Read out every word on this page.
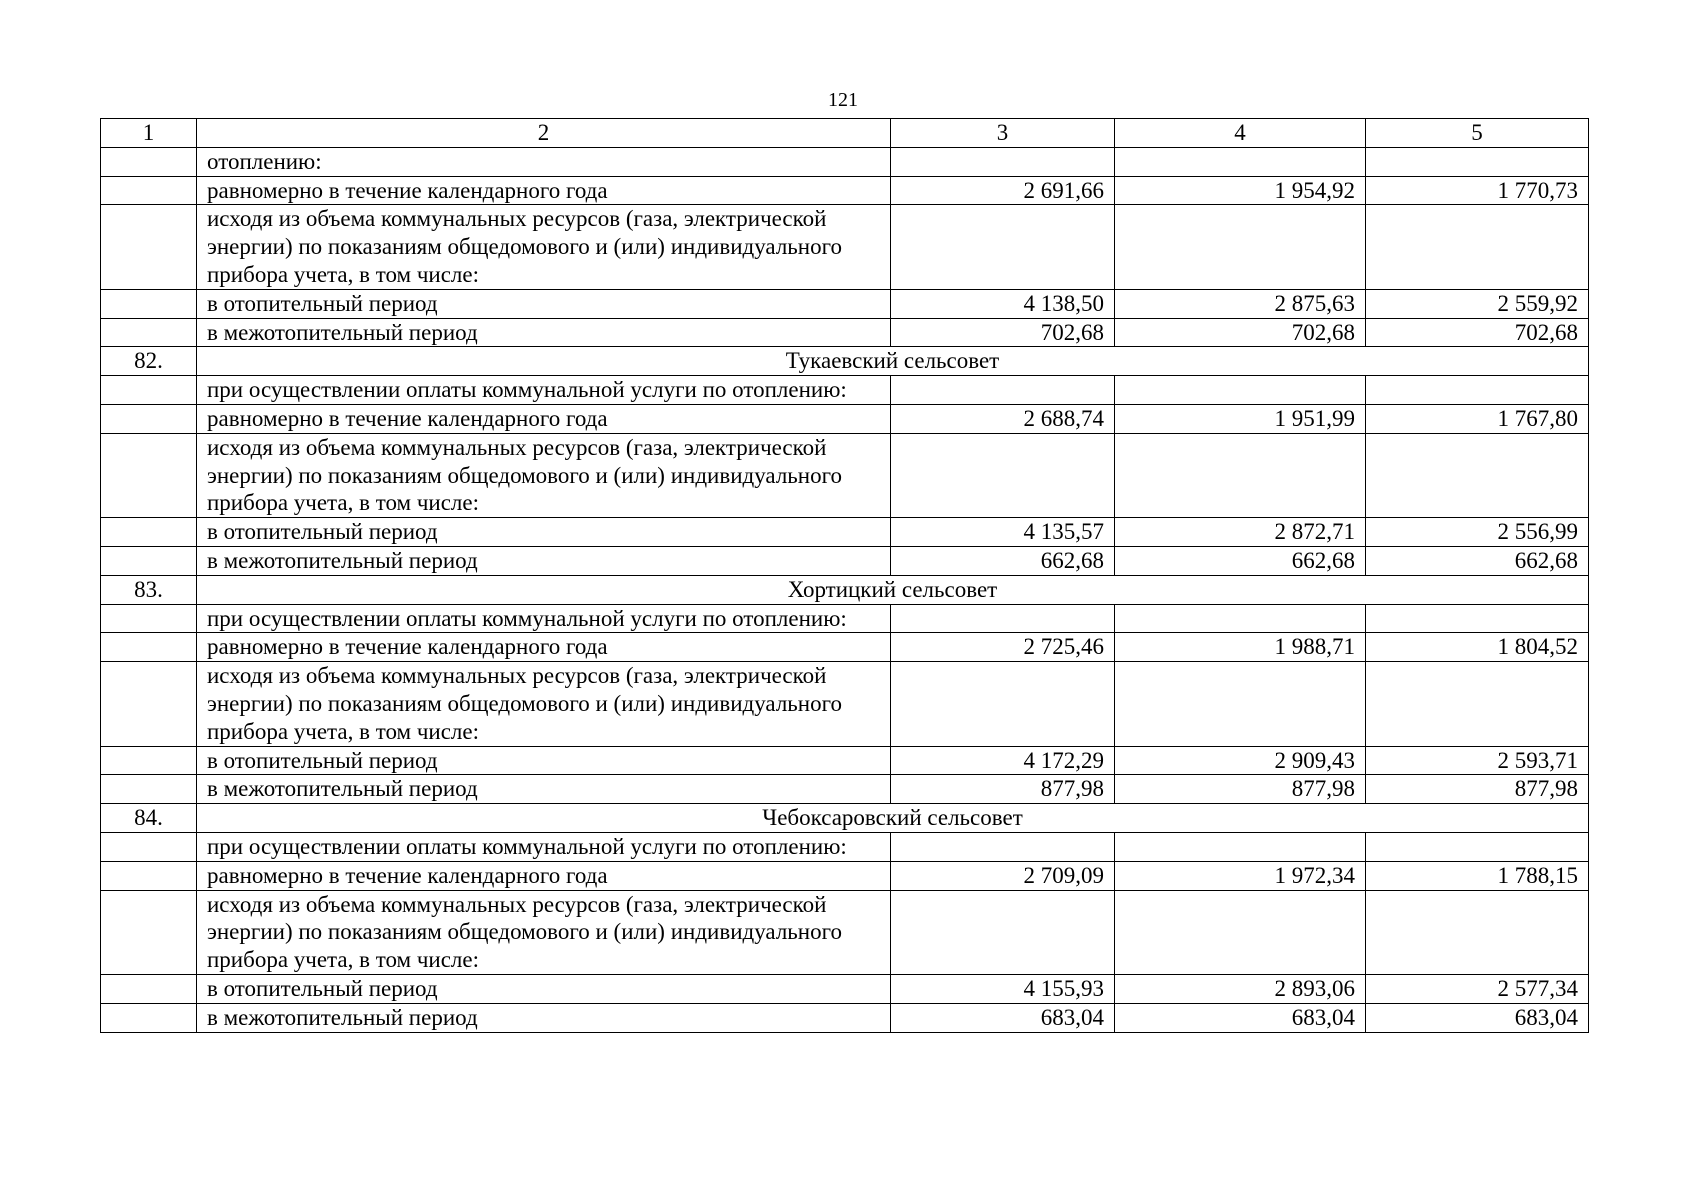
121
1	2	3	4	5
	отоплению:			
	равномерно в течение календарного года	2 691,66	1 954,92	1 770,73
	исходя из объема коммунальных ресурсов (газа, электрической энергии) по показаниям общедомового и (или) индивидуального прибора учета, в том числе:			
	в отопительный период	4 138,50	2 875,63	2 559,92
	в межотопительный период	702,68	702,68	702,68
82.	Тукаевский сельсовет			
	при осуществлении оплаты коммунальной услуги по отоплению:			
	равномерно в течение календарного года	2 688,74	1 951,99	1 767,80
	исходя из объема коммунальных ресурсов (газа, электрической энергии) по показаниям общедомового и (или) индивидуального прибора учета, в том числе:			
	в отопительный период	4 135,57	2 872,71	2 556,99
	в межотопительный период	662,68	662,68	662,68
83.	Хортицкий сельсовет			
	при осуществлении оплаты коммунальной услуги по отоплению:			
	равномерно в течение календарного года	2 725,46	1 988,71	1 804,52
	исходя из объема коммунальных ресурсов (газа, электрической энергии) по показаниям общедомового и (или) индивидуального прибора учета, в том числе:			
	в отопительный период	4 172,29	2 909,43	2 593,71
	в межотопительный период	877,98	877,98	877,98
84.	Чебоксаровский сельсовет			
	при осуществлении оплаты коммунальной услуги по отоплению:			
	равномерно в течение календарного года	2 709,09	1 972,34	1 788,15
	исходя из объема коммунальных ресурсов (газа, электрической энергии) по показаниям общедомового и (или) индивидуального прибора учета, в том числе:			
	в отопительный период	4 155,93	2 893,06	2 577,34
	в межотопительный период	683,04	683,04	683,04
